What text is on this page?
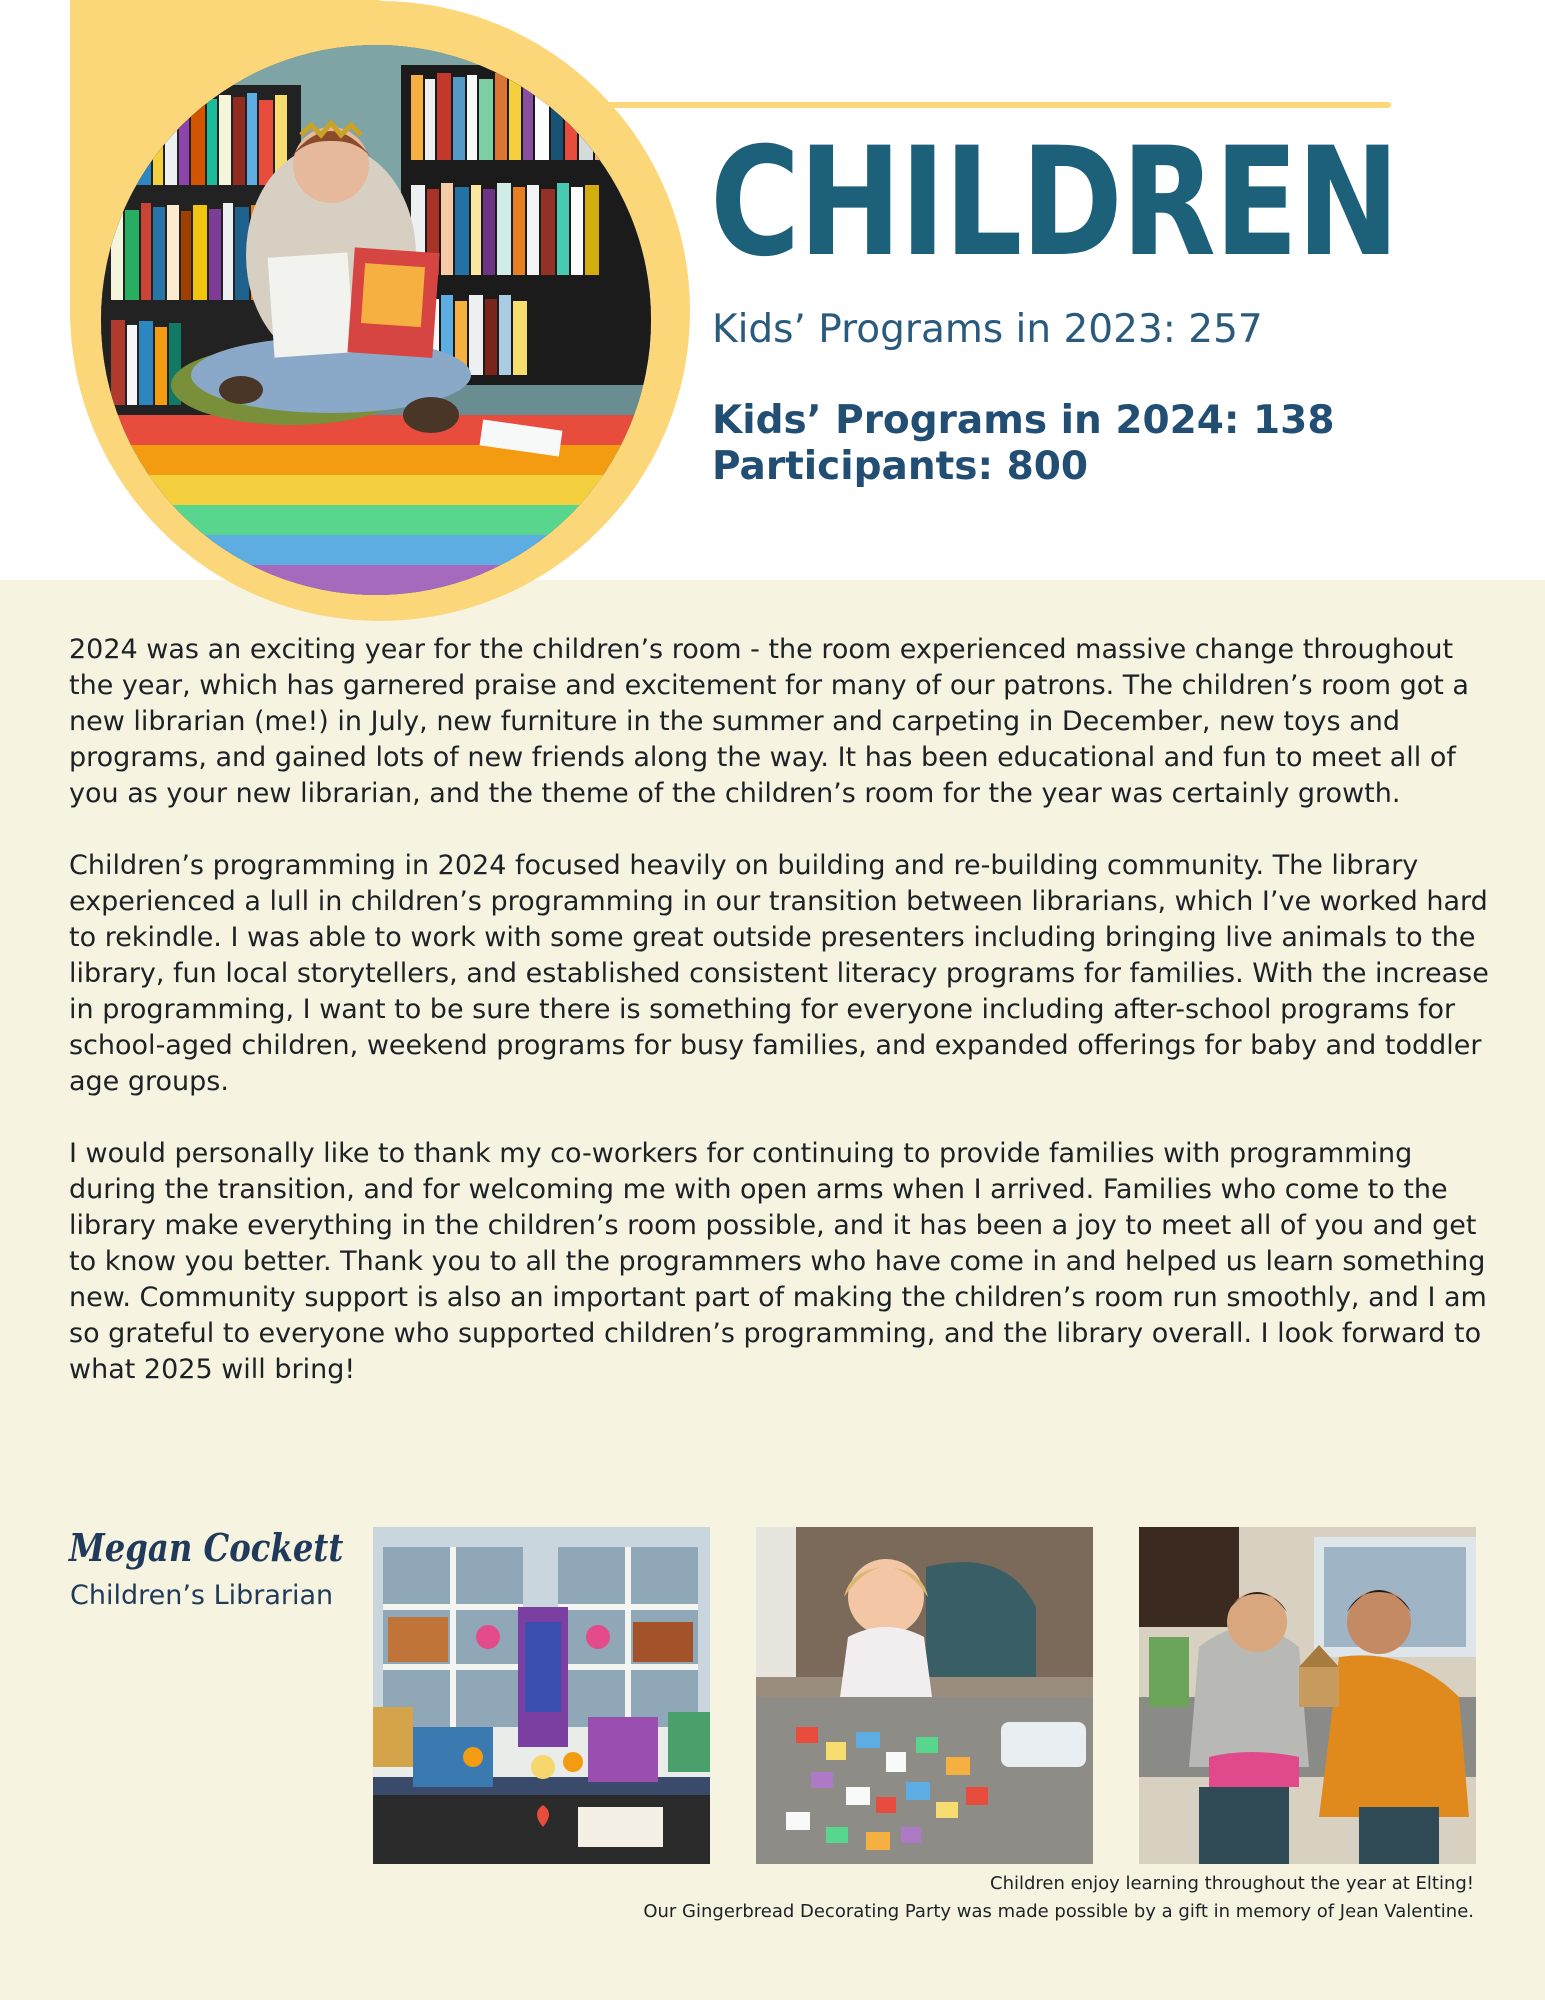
CHILDREN
Kids’ Programs in 2023: 257
Kids’ Programs in 2024: 138
Participants: 800

2024 was an exciting year for the children’s room - the room experienced massive change throughout the year, which has garnered praise and excitement for many of our patrons. The children’s room got a new librarian (me!) in July, new furniture in the summer and carpeting in December, new toys and programs, and gained lots of new friends along the way. It has been educational and fun to meet all of you as your new librarian, and the theme of the children’s room for the year was certainly growth.

Children’s programming in 2024 focused heavily on building and re-building community. The library experienced a lull in children’s programming in our transition between librarians, which I’ve worked hard to rekindle. I was able to work with some great outside presenters including bringing live animals to the library, fun local storytellers, and established consistent literacy programs for families. With the increase in programming, I want to be sure there is something for everyone including after-school programs for school-aged children, weekend programs for busy families, and expanded offerings for baby and toddler age groups.

I would personally like to thank my co-workers for continuing to provide families with programming during the transition, and for welcoming me with open arms when I arrived. Families who come to the library make everything in the children’s room possible, and it has been a joy to meet all of you and get to know you better. Thank you to all the programmers who have come in and helped us learn something new. Community support is also an important part of making the children’s room run smoothly, and I am so grateful to everyone who supported children’s programming, and the library overall. I look forward to what 2025 will bring!

Megan Cockett
Children’s Librarian
Children enjoy learning throughout the year at Elting!
Our Gingerbread Decorating Party was made possible by a gift in memory of Jean Valentine.
